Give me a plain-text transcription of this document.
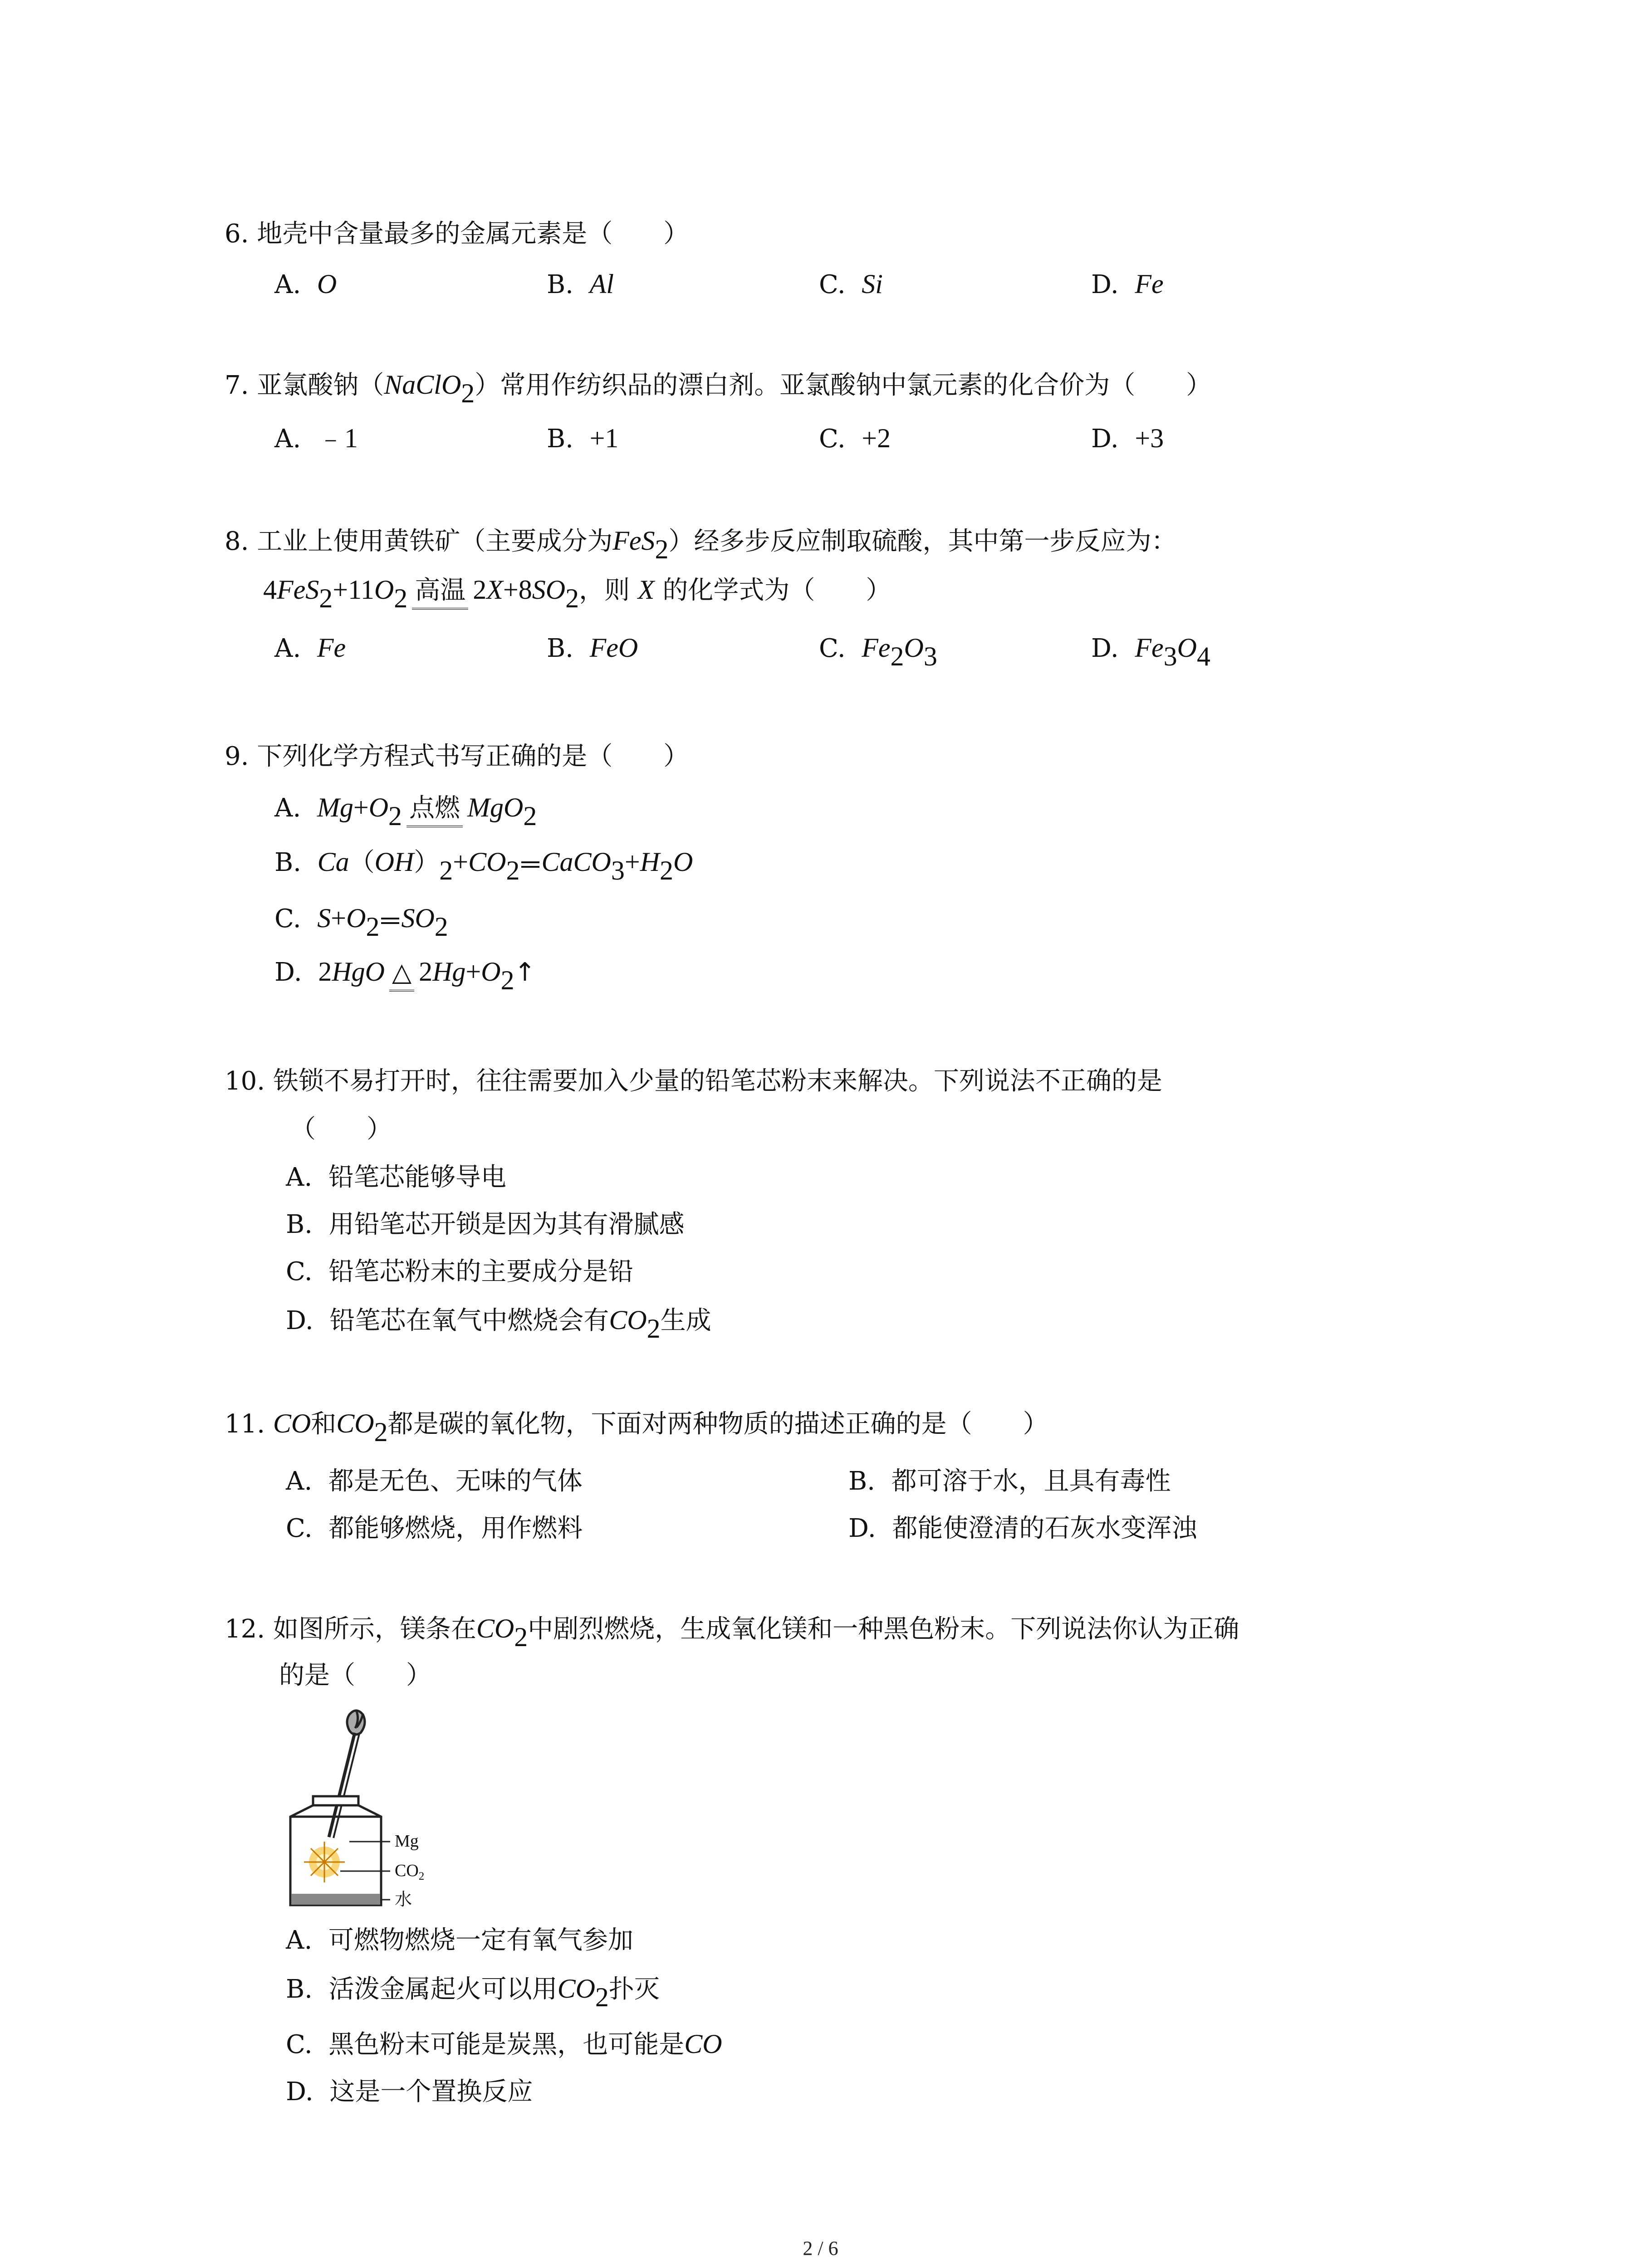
6. 地壳中含量最多的金属元素是（　　）
A. O	B. Al	C. Si	D. Fe
7. 亚氯酸钠（NaClO$_2$）常用作纺织品的漂白剂。亚氯酸钠中氯元素的化合价为（　　）
A. ﹣1	B. +1	C. +2	D. +3
8. 工业上使用黄铁矿（主要成分为FeS$_2$）经多步反应制取硫酸，其中第一步反应为：
$4FeS_2+11O_2$ 高温 $2X+8SO_2$，则 X 的化学式为（　　）
A. Fe	B. FeO	C. $Fe_2O_3$	D. $Fe_3O_4$
9. 下列化学方程式书写正确的是（　　）
A. $Mg+O_2$ 点燃 MgO$_2$
B. $Ca(OH)_2+CO_2$ $CaCO_3+H_2O$
C. $S+O_2$ $SO_2$
D. 2HgO △ $2Hg+O_2↑$
10. 铁锁不易打开时，往往需要加入少量的铅笔芯粉末来解决。下列说法不正确的是
（　　）
A. 铅笔芯能够导电
B. 用铅笔芯开锁是因为其有滑腻感
C. 铅笔芯粉末的主要成分是铅
D. 铅笔芯在氧气中燃烧会有$CO_2$生成
11. CO和$CO_2$都是碳的氧化物，下面对两种物质的描述正确的是（　　）
A. 都是无色、无味的气体	B. 都可溶于水，且具有毒性
C. 都能够燃烧，用作燃料	D. 都能使澄清的石灰水变浑浊
12. 如图所示，镁条在$CO_2$中剧烈燃烧，生成氧化镁和一种黑色粉末。下列说法你认为正确
的是（　　）
Mg
$CO_2$
水
A. 可燃物燃烧一定有氧气参加
B. 活泼金属起火可以用$CO_2$扑灭
C. 黑色粉末可能是炭黑，也可能是CO
D. 这是一个置换反应
2 / 6
